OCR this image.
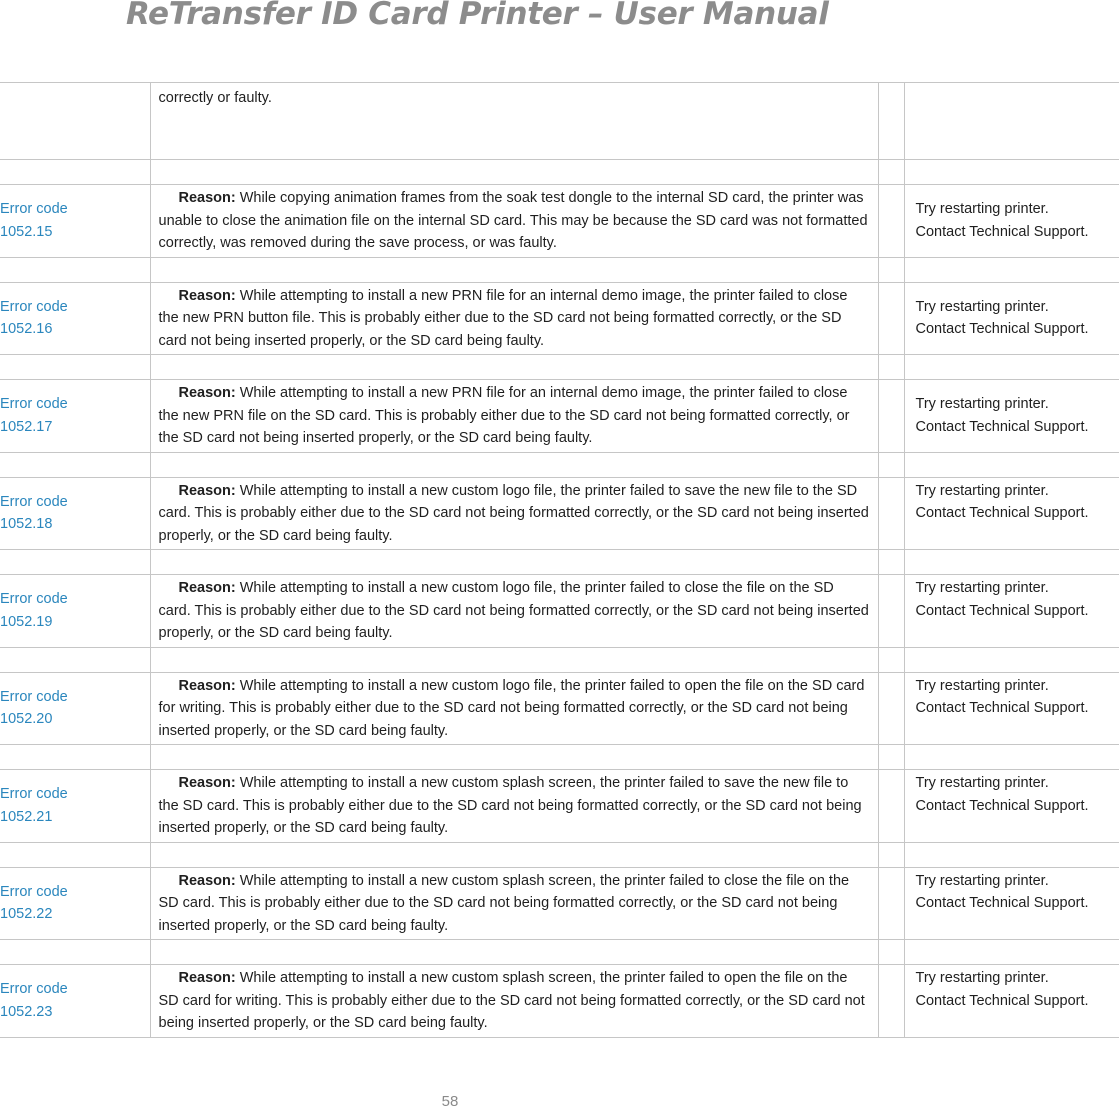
ReTransfer ID Card Printer – User Manual
	correctly or faulty.		

Error code
1052.15	Reason: While copying animation frames from the soak test dongle to the internal SD card, the printer was unable to close the animation file on the internal SD card. This may be because the SD card was not formatted correctly, was removed during the save process, or was faulty.		Try restarting printer.
Contact Technical Support.

Error code
1052.16	Reason: While attempting to install a new PRN file for an internal demo image, the printer failed to close the new PRN button file. This is probably either due to the SD card not being formatted correctly, or the SD card not being inserted properly, or the SD card being faulty.		Try restarting printer.
Contact Technical Support.

Error code
1052.17	Reason: While attempting to install a new PRN file for an internal demo image, the printer failed to close the new PRN file on the SD card. This is probably either due to the SD card not being formatted correctly, or the SD card not being inserted properly, or the SD card being faulty.		Try restarting printer.
Contact Technical Support.

Error code
1052.18	Reason: While attempting to install a new custom logo file, the printer failed to save the new file to the SD card. This is probably either due to the SD card not being formatted correctly, or the SD card not being inserted properly, or the SD card being faulty.		Try restarting printer.
Contact Technical Support.

Error code
1052.19	Reason: While attempting to install a new custom logo file, the printer failed to close the file on the SD card. This is probably either due to the SD card not being formatted correctly, or the SD card not being inserted properly, or the SD card being faulty.		Try restarting printer.
Contact Technical Support.

Error code
1052.20	Reason: While attempting to install a new custom logo file, the printer failed to open the file on the SD card for writing. This is probably either due to the SD card not being formatted correctly, or the SD card not being inserted properly, or the SD card being faulty.		Try restarting printer.
Contact Technical Support.

Error code
1052.21	Reason: While attempting to install a new custom splash screen, the printer failed to save the new file to the SD card. This is probably either due to the SD card not being formatted correctly, or the SD card not being inserted properly, or the SD card being faulty.		Try restarting printer.
Contact Technical Support.

Error code
1052.22	Reason: While attempting to install a new custom splash screen, the printer failed to close the file on the SD card. This is probably either due to the SD card not being formatted correctly, or the SD card not being inserted properly, or the SD card being faulty.		Try restarting printer.
Contact Technical Support.

Error code
1052.23	Reason: While attempting to install a new custom splash screen, the printer failed to open the file on the SD card for writing. This is probably either due to the SD card not being formatted correctly, or the SD card not being inserted properly, or the SD card being faulty.		Try restarting printer.
Contact Technical Support.
58
